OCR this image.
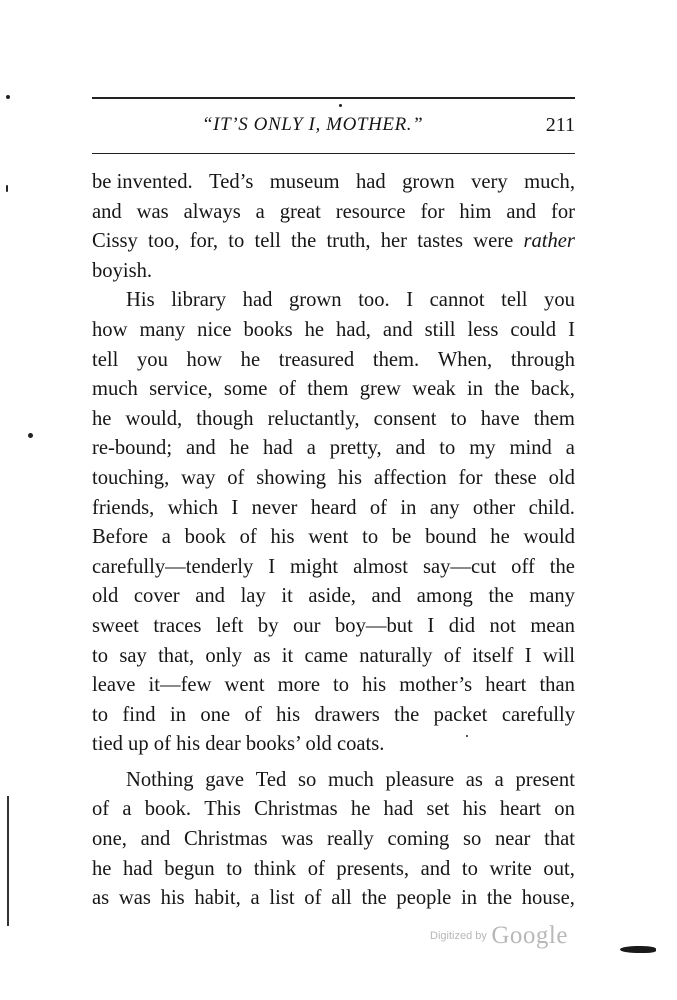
“IT’S ONLY I, MOTHER.”	211
be invented. Ted’s museum had grown very much,
and was always a great resource for him and for
Cissy too, for, to tell the truth, her tastes were rather
boyish.
His library had grown too. I cannot tell you
how many nice books he had, and still less could I
tell you how he treasured them. When, through
much service, some of them grew weak in the back,
he would, though reluctantly, consent to have them
re-bound; and he had a pretty, and to my mind a
touching, way of showing his affection for these old
friends, which I never heard of in any other child.
Before a book of his went to be bound he would
carefully—tenderly I might almost say—cut off the
old cover and lay it aside, and among the many
sweet traces left by our boy—but I did not mean
to say that, only as it came naturally of itself I will
leave it—few went more to his mother’s heart than
to find in one of his drawers the packet carefully
tied up of his dear books’ old coats.
Nothing gave Ted so much pleasure as a present
of a book. This Christmas he had set his heart on
one, and Christmas was really coming so near that
he had begun to think of presents, and to write out,
as was his habit, a list of all the people in the house,
Digitized by Google
